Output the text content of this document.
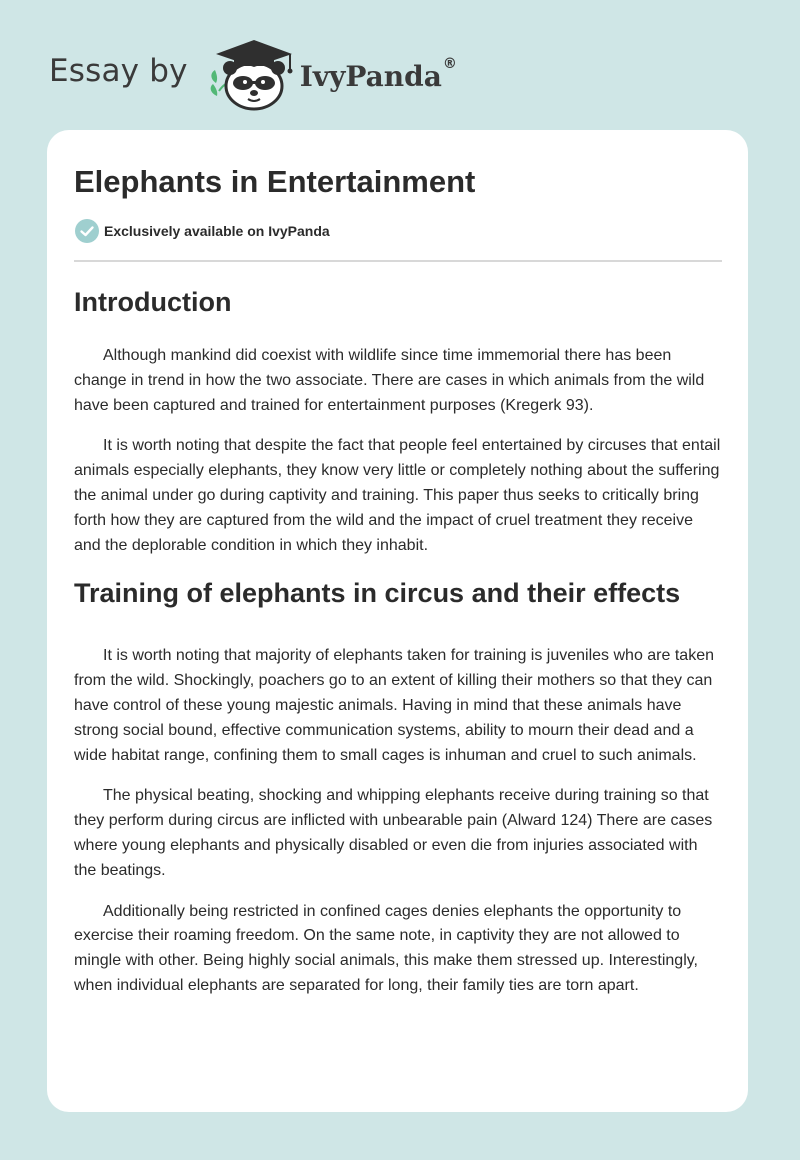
Essay by	IvyPanda®
Elephants in Entertainment
Exclusively available on IvyPanda
Introduction

Although mankind did coexist with wildlife since time immemorial there has been change in trend in how the two associate. There are cases in which animals from the wild have been captured and trained for entertainment purposes (Kregerk 93).

It is worth noting that despite the fact that people feel entertained by circuses that entail animals especially elephants, they know very little or completely nothing about the suffering the animal under go during captivity and training. This paper thus seeks to critically bring forth how they are captured from the wild and the impact of cruel treatment they receive and the deplorable condition in which they inhabit.

Training of elephants in circus and their effects

It is worth noting that majority of elephants taken for training is juveniles who are taken from the wild. Shockingly, poachers go to an extent of killing their mothers so that they can have control of these young majestic animals. Having in mind that these animals have strong social bound, effective communication systems, ability to mourn their dead and a wide habitat range, confining them to small cages is inhuman and cruel to such animals.

The physical beating, shocking and whipping elephants receive during training so that they perform during circus are inflicted with unbearable pain (Alward 124) There are cases where young elephants and physically disabled or even die from injuries associated with the beatings.

Additionally being restricted in confined cages denies elephants the opportunity to exercise their roaming freedom. On the same note, in captivity they are not allowed to mingle with other. Being highly social animals, this make them stressed up. Interestingly, when individual elephants are separated for long, their family ties are torn apart.
